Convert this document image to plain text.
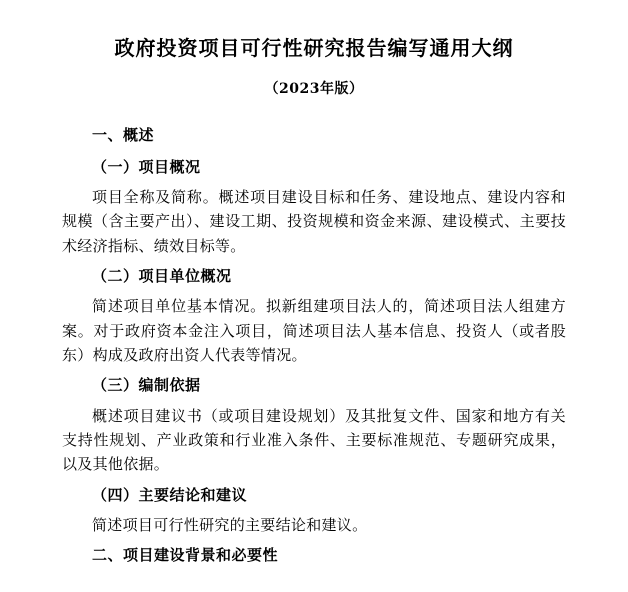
政府投资项目可行性研究报告编写通用大纲
（2023年版）
一、概述
（一）项目概况
项目全称及简称。概述项目建设目标和任务、建设地点、建设内容和规模（含主要产出）、建设工期、投资规模和资金来源、建设模式、主要技术经济指标、绩效目标等。
（二）项目单位概况
简述项目单位基本情况。拟新组建项目法人的，简述项目法人组建方案。对于政府资本金注入项目，简述项目法人基本信息、投资人（或者股东）构成及政府出资人代表等情况。
（三）编制依据
概述项目建议书（或项目建设规划）及其批复文件、国家和地方有关支持性规划、产业政策和行业准入条件、主要标准规范、专题研究成果，以及其他依据。
（四）主要结论和建议
简述项目可行性研究的主要结论和建议。
二、项目建设背景和必要性
